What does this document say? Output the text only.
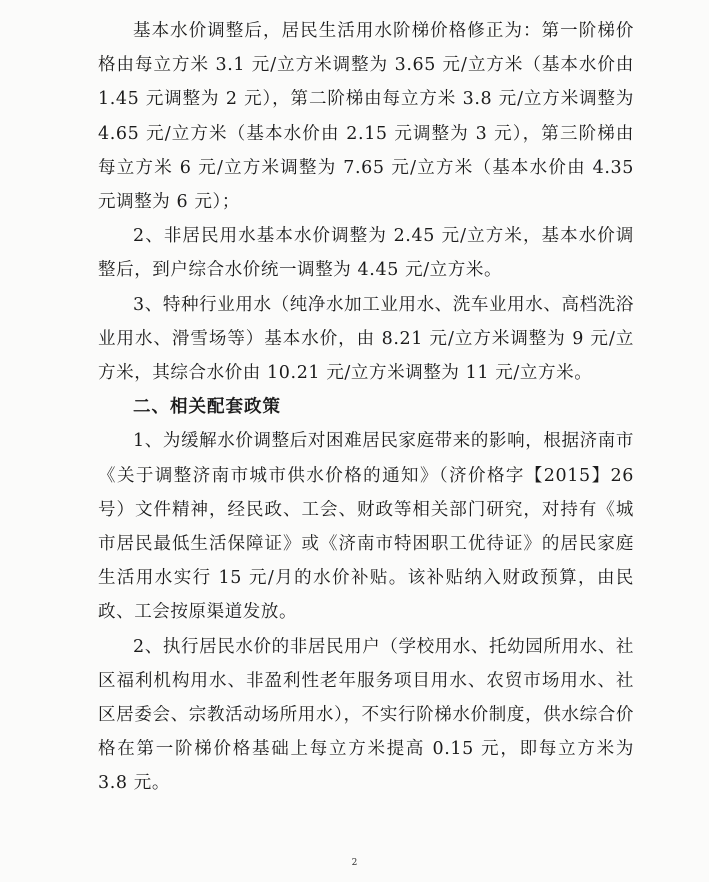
基本水价调整后，居民生活用水阶梯价格修正为：第一阶梯价格由每立方米 3.1 元/立方米调整为 3.65 元/立方米（基本水价由 1.45 元调整为 2 元），第二阶梯由每立方米 3.8 元/立方米调整为 4.65 元/立方米（基本水价由 2.15 元调整为 3 元），第三阶梯由每立方米 6 元/立方米调整为 7.65 元/立方米（基本水价由 4.35 元调整为 6 元）；

2、非居民用水基本水价调整为 2.45 元/立方米，基本水价调整后，到户综合水价统一调整为 4.45 元/立方米。

3、特种行业用水（纯净水加工业用水、洗车业用水、高档洗浴业用水、滑雪场等）基本水价，由 8.21 元/立方米调整为 9 元/立方米，其综合水价由 10.21 元/立方米调整为 11 元/立方米。

二、相关配套政策

1、为缓解水价调整后对困难居民家庭带来的影响，根据济南市《关于调整济南市城市供水价格的通知》（济价格字【2015】26 号）文件精神，经民政、工会、财政等相关部门研究，对持有《城市居民最低生活保障证》或《济南市特困职工优待证》的居民家庭生活用水实行 15 元/月的水价补贴。该补贴纳入财政预算，由民政、工会按原渠道发放。

2、执行居民水价的非居民用户（学校用水、托幼园所用水、社区福利机构用水、非盈利性老年服务项目用水、农贸市场用水、社区居委会、宗教活动场所用水），不实行阶梯水价制度，供水综合价格在第一阶梯价格基础上每立方米提高 0.15 元，即每立方米为 3.8 元。

2
